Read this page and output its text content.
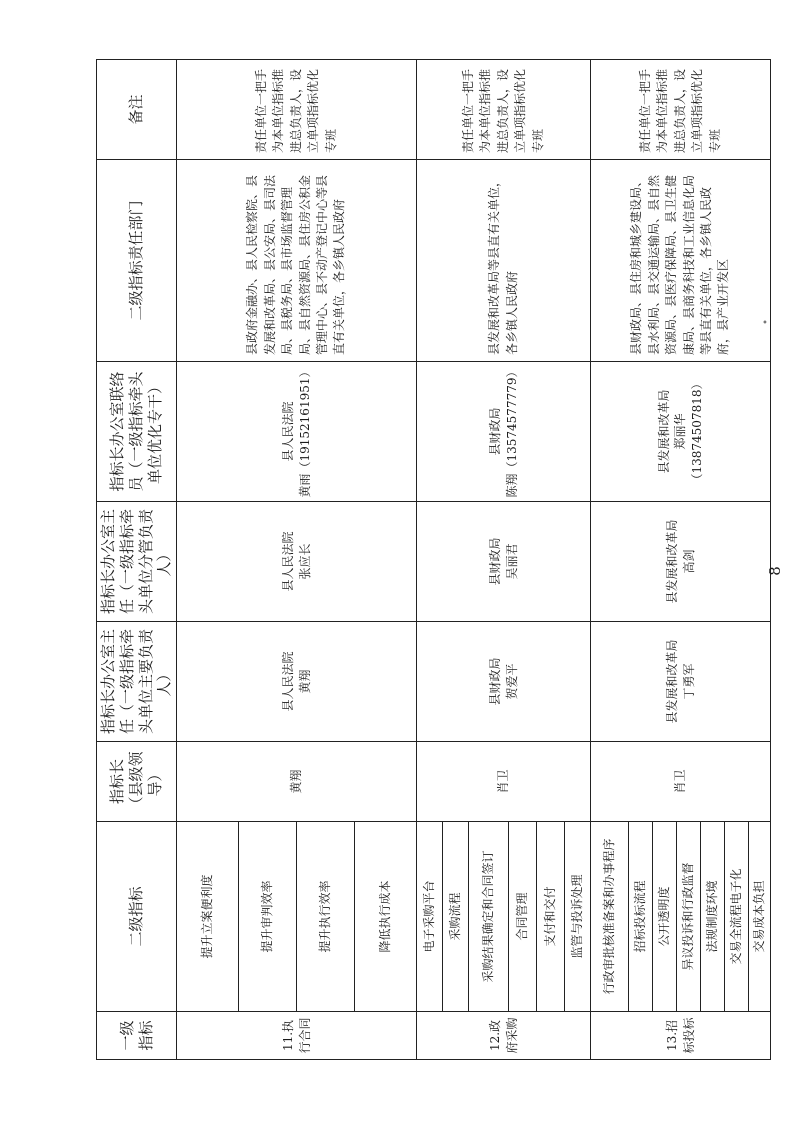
一级指标	二级指标	指标长（县级领导）	指标长办公室主任（一级指标牵头单位主要负责人）	指标长办公室主任（一级指标牵头单位分管负责人）	指标长办公室联络员（一级指标牵头单位优化专干）	二级指标责任部门	备注
11.执行合同	提升立案便利度	黄翔	县人民法院 黄翔	县人民法院 张应长	县人民法院 黄雨（19152161951）	县政府金融办、县人民检察院、县发展和改革局、县公安局、县司法局、县税务局、县市场监督管理局、县自然资源局、县住房公积金管理中心、县不动产登记中心等县直有关单位，各乡镇人民政府	责任单位一把手为本单位指标推进总负责人，设立单项指标优化专班
	提升审判效率						
	提升执行效率						
	降低执行成本						
12.政府采购	电子采购平台	肖卫	县财政局 贺爱平	县财政局 吴丽君	县财政局 陈翔（13574577779）	县发展和改革局等县直有关单位，各乡镇人民政府	责任单位一把手为本单位指标推进总负责人，设立单项指标优化专班
	采购流程						
	采购结果确定和合同签订						
	合同管理						
	支付和交付						
	监管与投诉处理						
13.招标投标	行政审批核准备案和办事程序	肖卫	县发展和改革局 丁勇军	县发展和改革局 高剑	县发展和改革局 郑丽华（13874507818）	县财政局、县住房和城乡建设局、县水利局、县交通运输局、县自然资源局、县医疗保障局、县卫生健康局、县商务科技和工业信息化局等县直有关单位，各乡镇人民政府，县产业开发区	责任单位一把手为本单位指标推进总负责人，设立单项指标优化专班
	招标投标流程						
	公开透明度						
	异议投诉和行政监督						
	法规制度环境						
	交易全流程电子化						
	交易成本负担						
8
•
